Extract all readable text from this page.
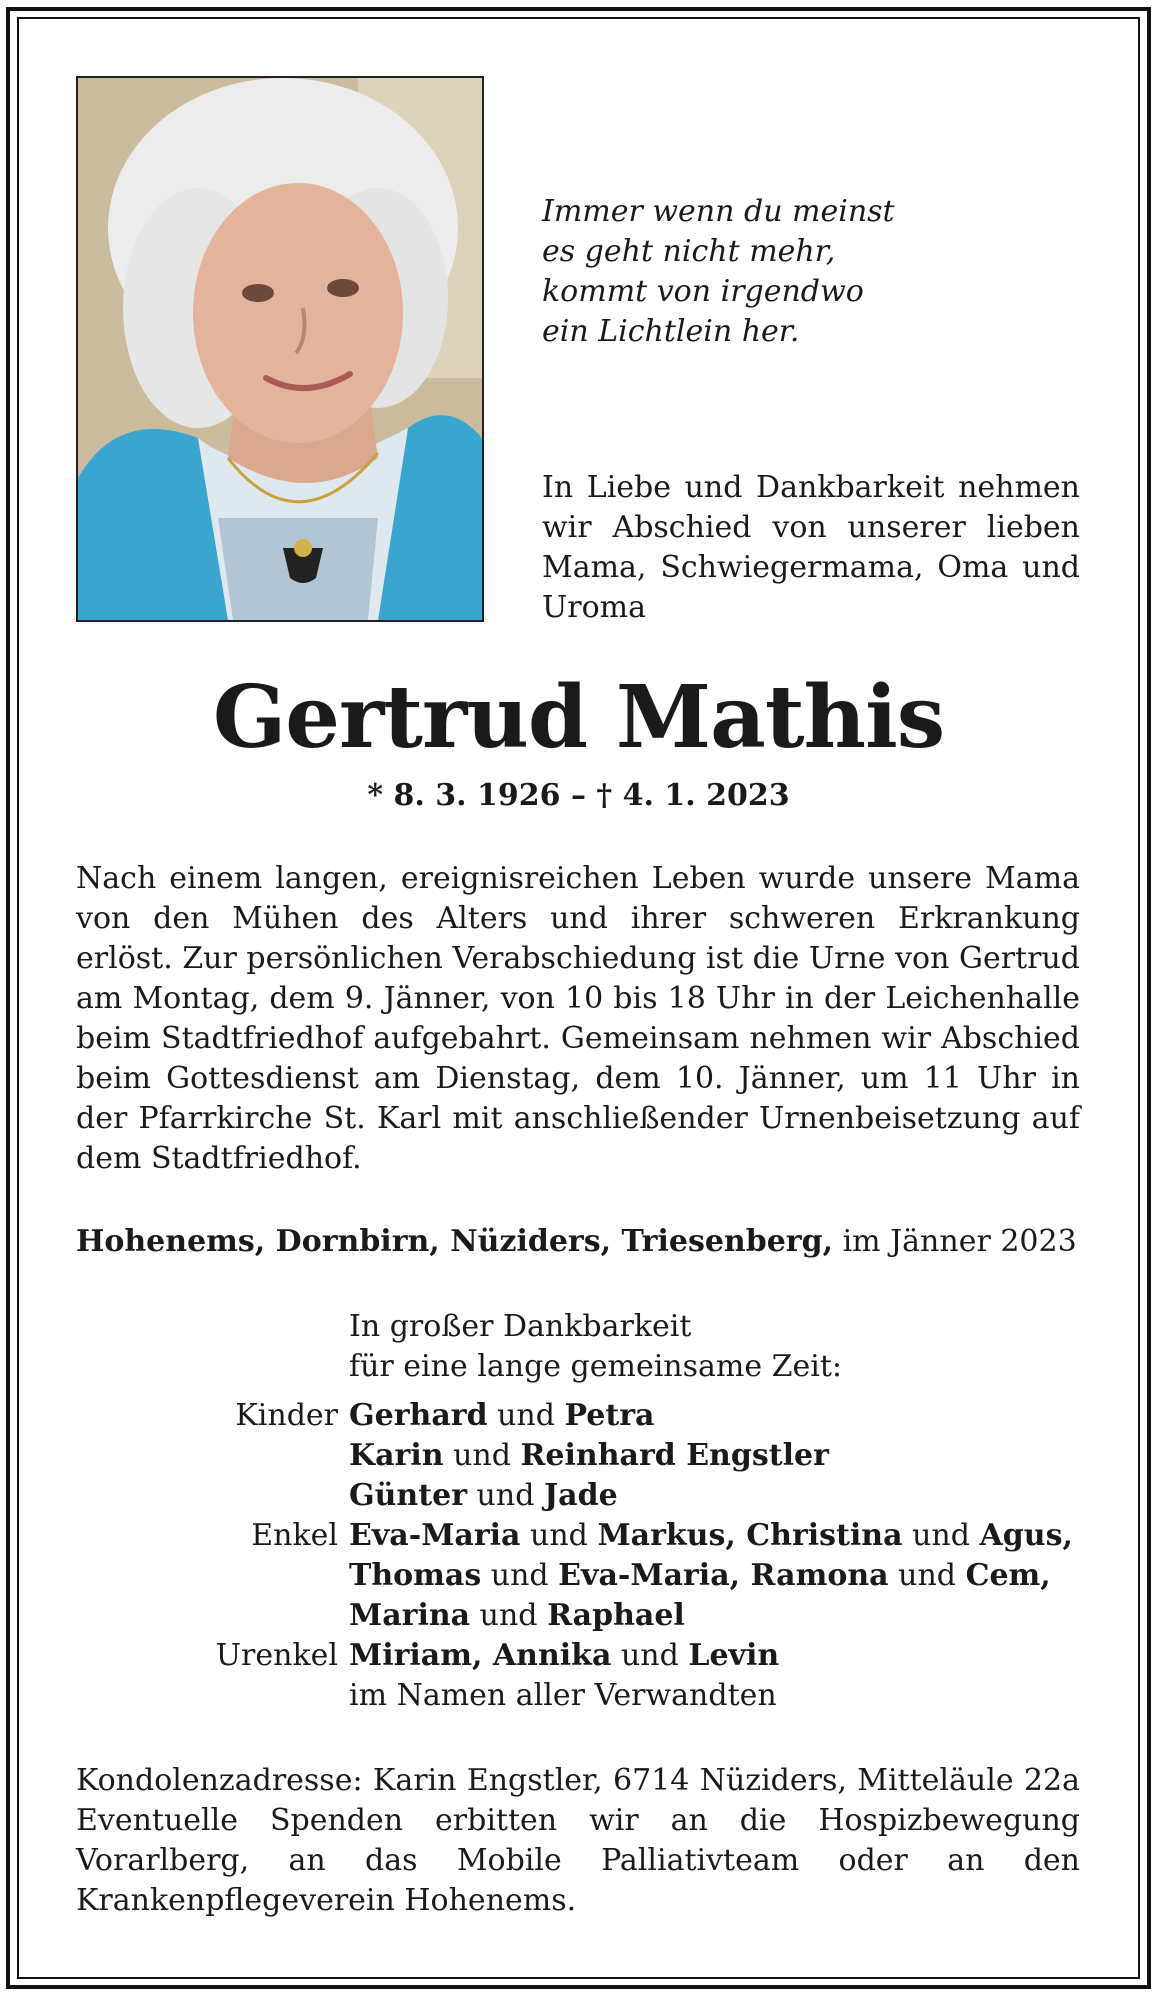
Immer wenn du meinst
es geht nicht mehr,
kommt von irgendwo
ein Lichtlein her.
In Liebe und Dankbarkeit nehmen wir Abschied von unserer lieben Mama, Schwiegermama, Oma und Uroma
Gertrud Mathis
* 8. 3. 1926 – † 4. 1. 2023
Nach einem langen, ereignisreichen Leben wurde unsere Mama von den Mühen des Alters und ihrer schweren Erkrankung erlöst. Zur persönlichen Verabschiedung ist die Urne von Gertrud am Montag, dem 9. Jänner, von 10 bis 18 Uhr in der Leichenhalle beim Stadtfriedhof aufgebahrt. Gemeinsam nehmen wir Abschied beim Gottesdienst am Dienstag, dem 10. Jänner, um 11 Uhr in der Pfarrkirche St. Karl mit anschließender Urnenbeisetzung auf dem Stadtfriedhof.
Hohenems, Dornbirn, Nüziders, Triesenberg, im Jänner 2023
In großer Dankbarkeit
für eine lange gemeinsame Zeit:
Kinder Gerhard und Petra
Karin und Reinhard Engstler
Günter und Jade
Enkel Eva-Maria und Markus, Christina und Agus,
Thomas und Eva-Maria, Ramona und Cem,
Marina und Raphael
Urenkel Miriam, Annika und Levin
im Namen aller Verwandten
Kondolenzadresse: Karin Engstler, 6714 Nüziders, Mitteläule 22a Eventuelle Spenden erbitten wir an die Hospizbewegung Vorarlberg, an das Mobile Palliativteam oder an den Krankenpflegeverein Hohenems.
